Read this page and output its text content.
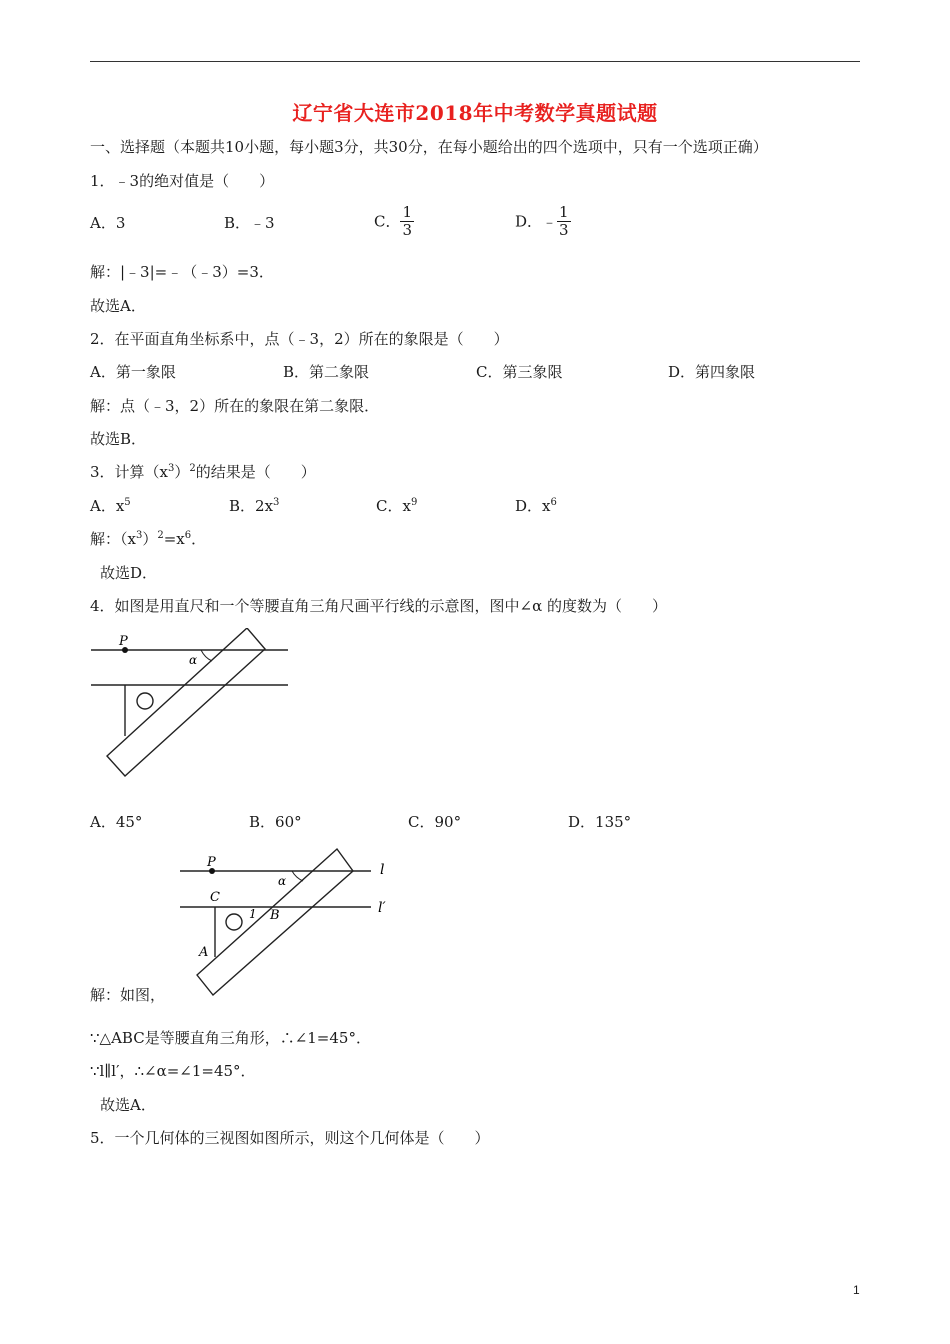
辽宁省大连市2018年中考数学真题试题
一、选择题（本题共10小题，每小题3分，共30分，在每小题给出的四个选项中，只有一个选项正确）
1．﹣3的绝对值是（　　）
A．3	B．﹣3	C． $\frac{1}{3}$	D．﹣ $\frac{1}{3}$
解：|﹣3|=﹣（﹣3）=3．
故选A．
2．在平面直角坐标系中，点（﹣3，2）所在的象限是（　　）
A．第一象限	B．第二象限	C．第三象限	D．第四象限
解：点（﹣3，2）所在的象限在第二象限．
故选B．
3．计算$(x^3)^2$的结果是（　　）
A．$x^5$	B．$2x^3$	C．$x^9$	D．$x^6$
解：$(x^3)^2=x^6$．
故选D．
4．如图是用直尺和一个等腰直角三角尺画平行线的示意图，图中∠α 的度数为（　　）
P
α
A．45°	B．60°	C．90°	D．135°
P
α
l
l′
C
1 B
A
解：如图，
∵△ABC是等腰直角三角形，∴∠1=45°．
∵l∥l′，∴∠α=∠1=45°．
故选A．
5．一个几何体的三视图如图所示，则这个几何体是（　　）
1
